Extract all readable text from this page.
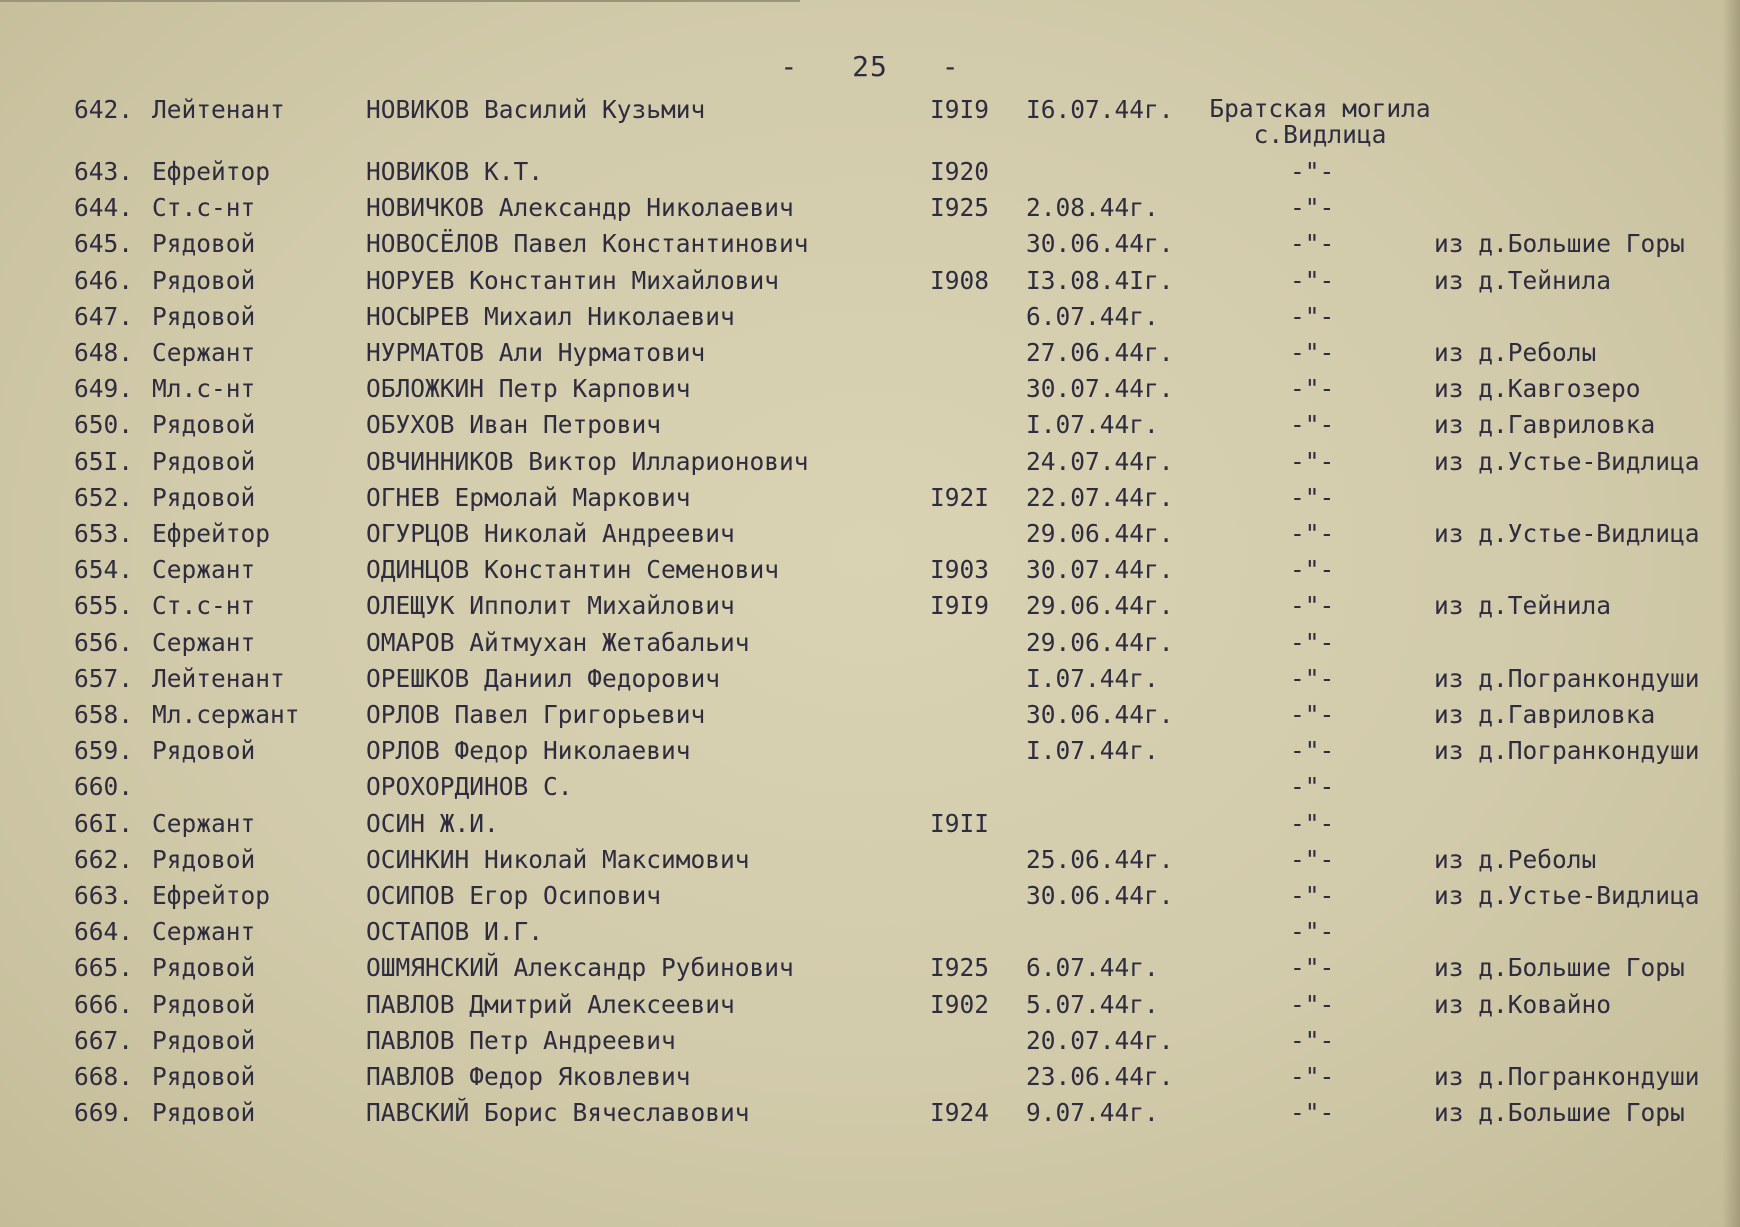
- 25 -
642. Лейтенант	НОВИКОВ Василий Кузьмич	I9I9 I6.07.44г.	Братская могила
с.Видлица
643. Ефрейтор	НОВИКОВ К.Т.	I920	-"-
644. Ст.с-нт	НОВИЧКОВ Александр Николаевич	I925 2.08.44г.	-"-
645. Рядовой	НОВОСЁЛОВ Павел Константинович	30.06.44г.	-"-	из д.Большие Горы
646. Рядовой	НОРУЕВ Константин Михайлович	I908 I3.08.4Iг.	-"-	из д.Тейнила
647. Рядовой	НОСЫРЕВ Михаил Николаевич	6.07.44г.	-"-
648. Сержант	НУРМАТОВ Али Нурматович	27.06.44г.	-"-	из д.Реболы
649. Мл.с-нт	ОБЛОЖКИН Петр Карпович	30.07.44г.	-"-	из д.Кавгозеро
650. Рядовой	ОБУХОВ Иван Петрович	I.07.44г.	-"-	из д.Гавриловка
65I. Рядовой	ОВЧИННИКОВ Виктор Илларионович	24.07.44г.	-"-	из д.Устье-Видлица
652. Рядовой	ОГНЕВ Ермолай Маркович	I92I 22.07.44г.	-"-
653. Ефрейтор	ОГУРЦОВ Николай Андреевич	29.06.44г.	-"-	из д.Устье-Видлица
654. Сержант	ОДИНЦОВ Константин Семенович	I903 30.07.44г.	-"-
655. Ст.с-нт	ОЛЕЩУК Ипполит Михайлович	I9I9 29.06.44г.	-"-	из д.Тейнила
656. Сержант	ОМАРОВ Айтмухан Жетабальич	29.06.44г.	-"-
657. Лейтенант	ОРЕШКОВ Даниил Федорович	I.07.44г.	-"-	из д.Погранкондуши
658. Мл.сержант	ОРЛОВ Павел Григорьевич	30.06.44г.	-"-	из д.Гавриловка
659. Рядовой	ОРЛОВ Федор Николаевич	I.07.44г.	-"-	из д.Погранкондуши
660.	ОРОХОРДИНОВ С.	-"-
66I. Сержант	ОСИН Ж.И.	I9II	-"-
662. Рядовой	ОСИНКИН Николай Максимович	25.06.44г.	-"-	из д.Реболы
663. Ефрейтор	ОСИПОВ Егор Осипович	30.06.44г.	-"-	из д.Устье-Видлица
664. Сержант	ОСТАПОВ И.Г.	-"-
665. Рядовой	ОШМЯНСКИЙ Александр Рубинович	I925 6.07.44г.	-"-	из д.Большие Горы
666. Рядовой	ПАВЛОВ Дмитрий Алексеевич	I902 5.07.44г.	-"-	из д.Ковайно
667. Рядовой	ПАВЛОВ Петр Андреевич	20.07.44г.	-"-
668. Рядовой	ПАВЛОВ Федор Яковлевич	23.06.44г.	-"-	из д.Погранкондуши
669. Рядовой	ПАВСКИЙ Борис Вячеславович	I924 9.07.44г.	-"-	из д.Большие Горы
